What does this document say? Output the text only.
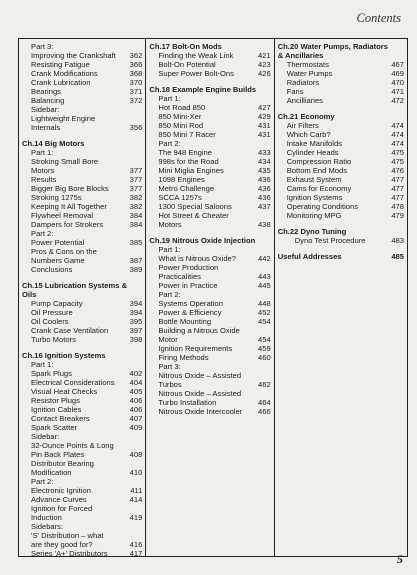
Contents
Part 3:
Improving the Crankshaft	362
Resisting Fatigue	366
Crank Modifications	368
Crank Lubrication	370
Bearings	371
Balancing	372
Sidebar:
Lightweight Engine
Internals	356
Ch.14 Big Motors
Part 1:
Stroking Small Bore
Motors	377
Results	377
Bigger Big Bore Blocks	377
Stroking 1275s	382
Keeping It All Together	382
Flywheel Removal	384
Dampers for Strokers	384
Part 2:
Power Potential	385
Pros & Cons on the
Numbers Game	387
Conclusions	389
Ch.15 Lubrication Systems &
Oils
Pump Capacity	394
Oil Pressure	394
Oil Coolers	395
Crank Case Ventilation	397
Turbo Motors	398
Ch.16 Ignition Systems
Part 1:
Spark Plugs	402
Electrical Considerations	404
Visual Heat Checks	405
Resistor Plugs	406
Ignition Cables	406
Contact Breakers	407
Spark Scatter	409
Sidebar:
32-Ounce Points & Long
Pin Back Plates	408
Distributor Bearing
Modification	410
Part 2:
Electronic Ignition	411
Advance Curves	414
Ignition for Forced
Induction	419
Sidebars:
'S' Distribution – what
are they good for?	416
Series 'A+' Distributors	417
Ch.17 Bolt-On Mods
Finding the Weak Link	421
Bolt-On Potential	423
Super Power Bolt-Ons	426
Ch.18 Example Engine Builds
Part 1:
Hot Road 850	427
850 Mini-Xer	429
850 Mini Rod	431
850 Mini 7 Racer	431
Part 2:
The 948 Engine	433
998s for the Road	434
Mini Miglia Engines	435
1098 Engines	436
Metro Challenge	436
SCCA 1257s	436
1300 Special Saloons	437
Hot Street & Cheater
Motors	438
Ch.19 Nitrous Oxide Injection
Part 1:
What is Nitrous Oxide?	442
Power Production
Practicalities	443
Power in Practice	445
Part 2:
Systems Operation	448
Power & Efficiency	452
Bottle Mounting	454
Building a Nitrous Oxide
Motor	454
Ignition Requirements	459
Firing Methods	460
Part 3:
Nitrous Oxide – Assisted
Turbos	462
Nitrous Oxide – Assisted
Turbo Installation	464
Nitrous Oxide Intercooler	466
Ch.20 Water Pumps, Radiators
& Ancillaries
Thermostats	467
Water Pumps	469
Radiators	470
Fans	471
Ancilliaries	472
Ch.21 Economy
Air Filters	474
Which Carb?	474
Intake Manifolds	474
Cylinder Heads	475
Compression Ratio	475
Bottom End Mods	476
Exhaust System	477
Cams for Economy	477
Ignition Systems	477
Operating Conditions	478
Monitoring MPG	479
Ch.22 Dyno Tuning
Dyno Test Procedure	483
Useful Addresses	485
5
